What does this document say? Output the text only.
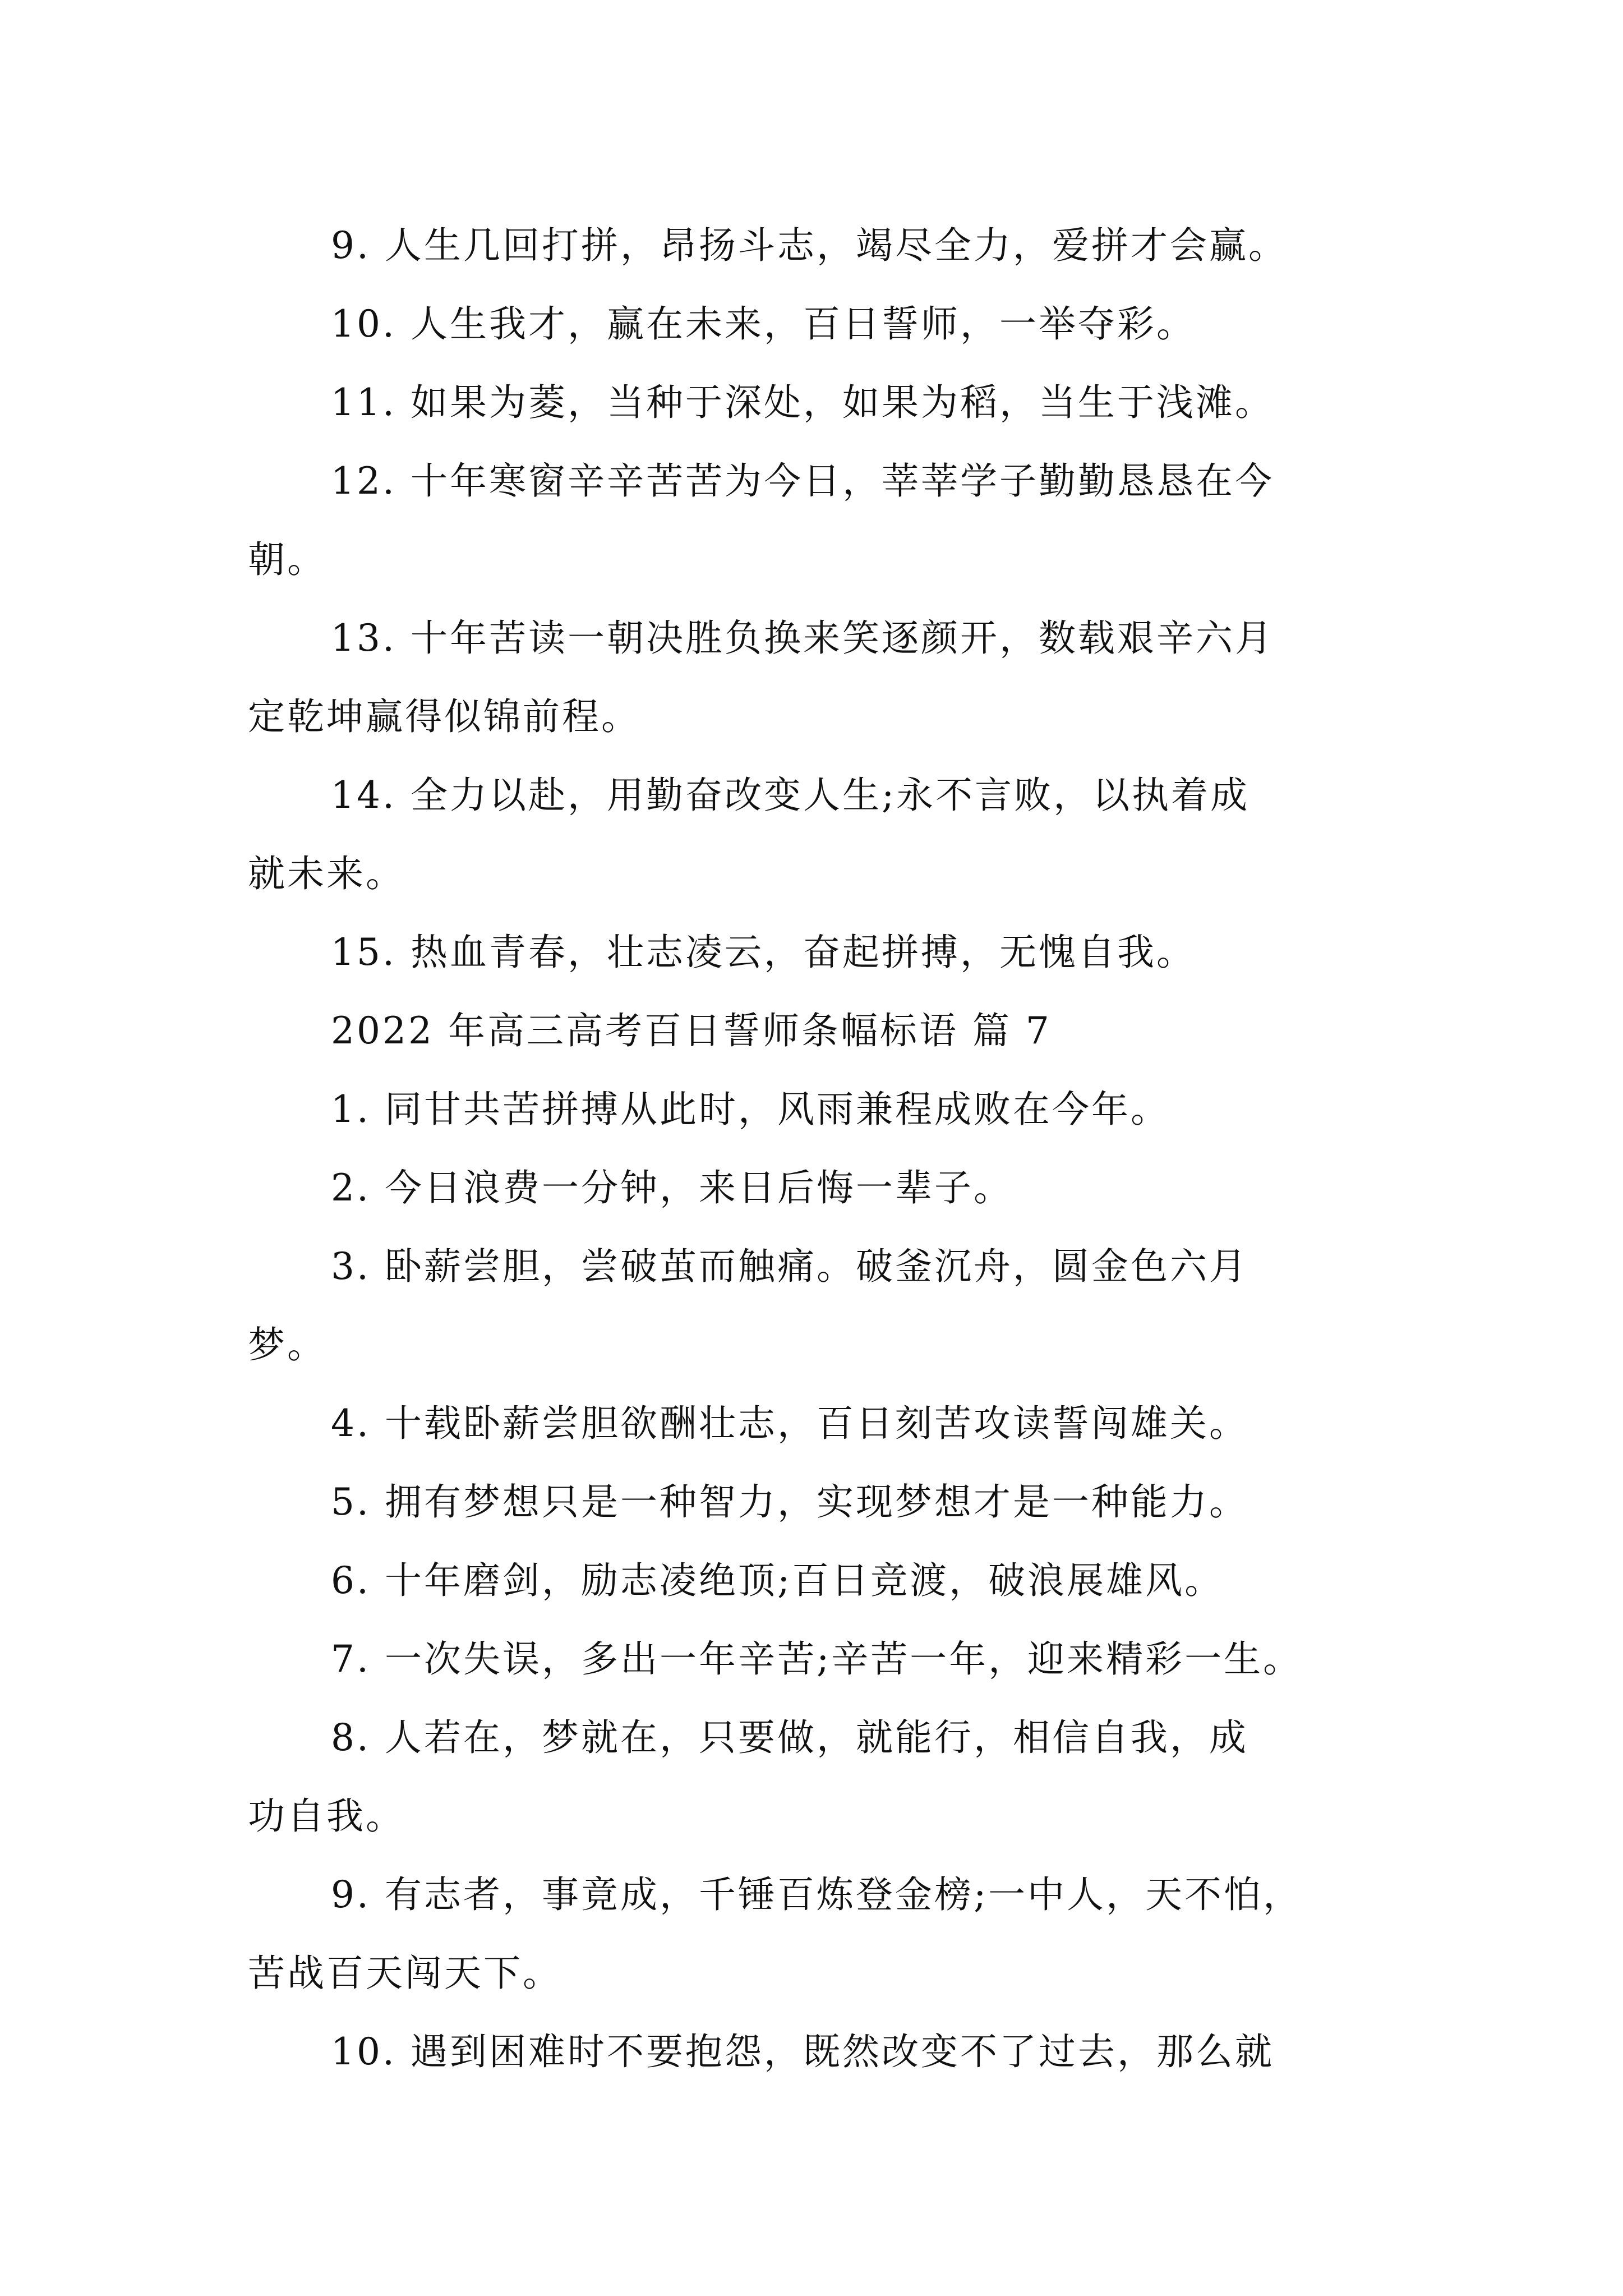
9. 人生几回打拼，昂扬斗志，竭尽全力，爱拼才会赢。
10. 人生我才，赢在未来，百日誓师，一举夺彩。
11. 如果为菱，当种于深处，如果为稻，当生于浅滩。
12. 十年寒窗辛辛苦苦为今日，莘莘学子勤勤恳恳在今
朝。
13. 十年苦读一朝决胜负换来笑逐颜开，数载艰辛六月
定乾坤赢得似锦前程。
14. 全力以赴，用勤奋改变人生;永不言败，以执着成
就未来。
15. 热血青春，壮志凌云，奋起拼搏，无愧自我。
2022 年高三高考百日誓师条幅标语 篇 7
1. 同甘共苦拼搏从此时，风雨兼程成败在今年。
2. 今日浪费一分钟，来日后悔一辈子。
3. 卧薪尝胆，尝破茧而触痛。破釜沉舟，圆金色六月
梦。
4. 十载卧薪尝胆欲酬壮志，百日刻苦攻读誓闯雄关。
5. 拥有梦想只是一种智力，实现梦想才是一种能力。
6. 十年磨剑，励志凌绝顶;百日竞渡，破浪展雄风。
7. 一次失误，多出一年辛苦;辛苦一年，迎来精彩一生。
8. 人若在，梦就在，只要做，就能行，相信自我，成
功自我。
9. 有志者，事竟成，千锤百炼登金榜;一中人，天不怕，
苦战百天闯天下。
10. 遇到困难时不要抱怨，既然改变不了过去，那么就
